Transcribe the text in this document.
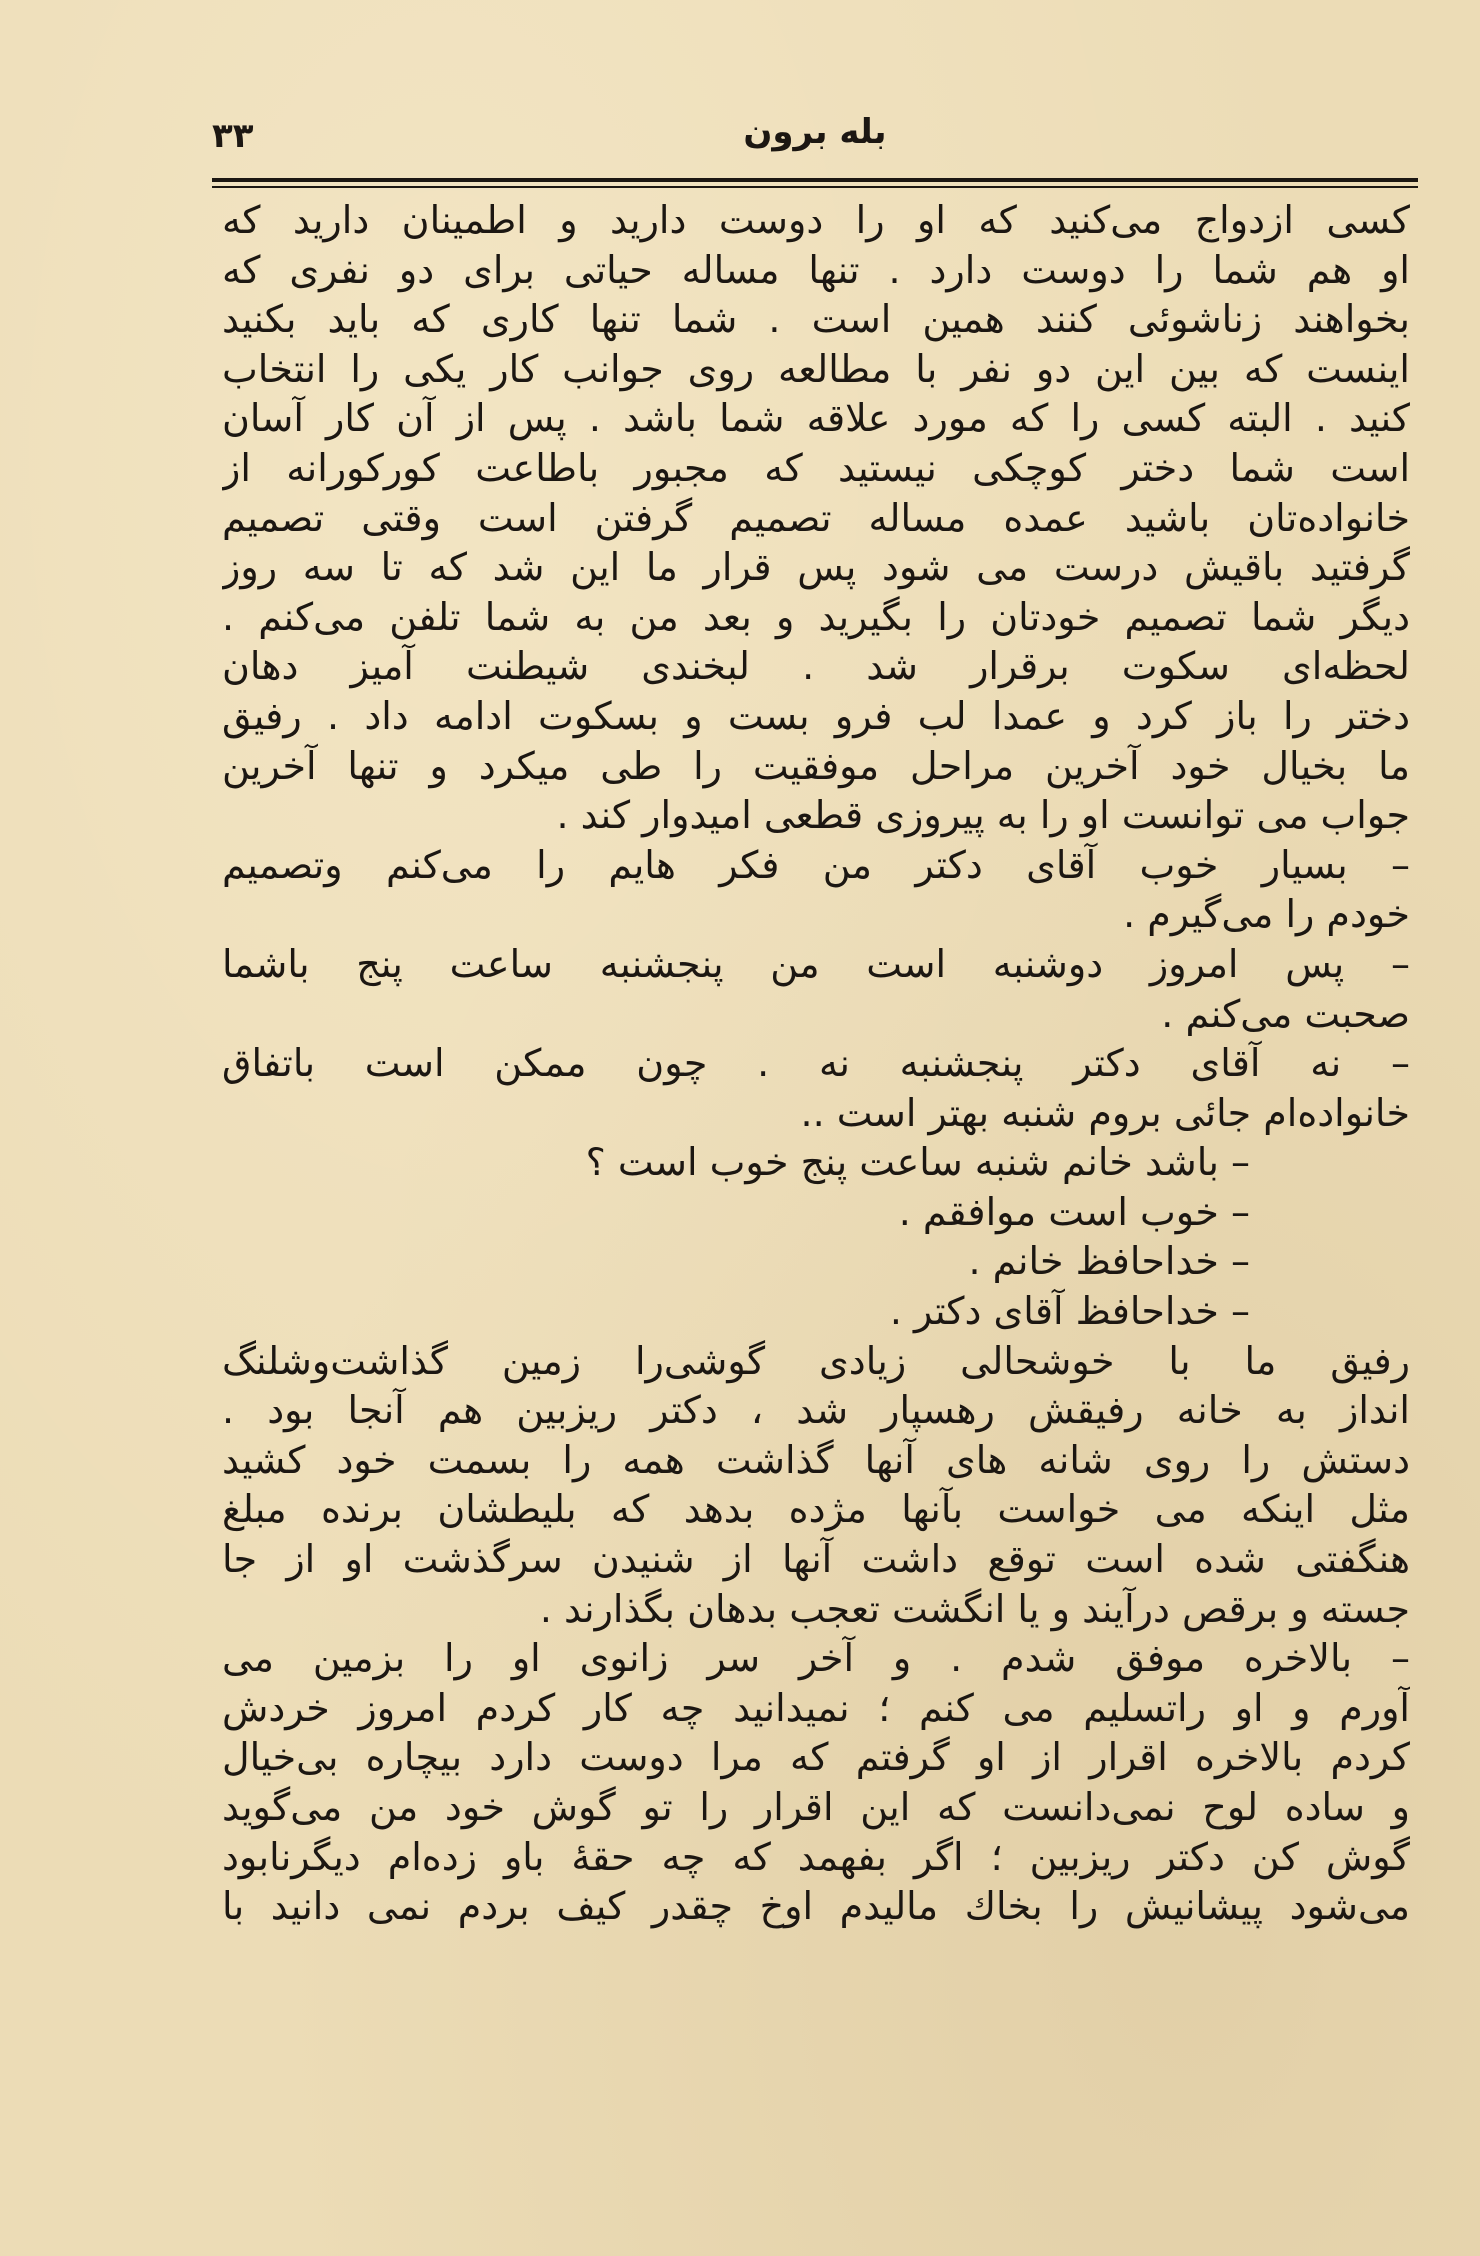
۳۳	بله برون
کسی ازدواج می‌کنید که او را دوست دارید و اطمینان دارید که
او هم شما را دوست دارد . تنها مساله حیاتی برای دو نفری که
بخواهند زناشوئی کنند همین است . شما تنها کاری که باید بکنید
اینست که بین این دو نفر با مطالعه روی جوانب کار یکی را انتخاب
کنید . البته کسی را که مورد علاقه شما باشد . پس از آن کار آسان
است شما دختر کوچکی نیستید که مجبور باطاعت کورکورانه از
خانواده‌تان باشید عمده مساله تصمیم گرفتن است وقتی تصمیم
گرفتید باقیش درست می شود پس قرار ما این شد که تا سه روز
دیگر شما تصمیم خودتان را بگیرید و بعد من به شما تلفن می‌کنم .
لحظه‌ای سکوت برقرار شد . لبخندی شیطنت آمیز دهان
دختر را باز کرد و عمدا لب فرو بست و بسکوت ادامه داد . رفیق
ما بخیال خود آخرین مراحل موفقیت را طی میکرد و تنها آخرین
جواب می توانست او را به پیروزی قطعی امیدوار کند .
– بسیار خوب آقای دکتر من فکر هایم را می‌کنم وتصمیم
خودم را می‌گیرم .
– پس امروز دوشنبه است من پنجشنبه ساعت پنج باشما
صحبت می‌کنم .
– نه آقای دکتر پنجشنبه نه . چون ممکن است باتفاق
خانواده‌ام جائی بروم شنبه بهتر است ..
– باشد خانم شنبه ساعت پنج خوب است ؟
– خوب است موافقم .
– خداحافظ خانم .
– خداحافظ آقای دکتر .
رفیق ما با خوشحالی زیادی گوشی‌را زمین گذاشت‌وشلنگ
انداز به خانه رفیقش رهسپار شد ، دکتر ریزبین هم آنجا بود .
دستش را روی شانه های آنها گذاشت همه را بسمت خود کشید
مثل اینکه می خواست بآنها مژده بدهد که بلیطشان برنده مبلغ
هنگفتی شده است توقع داشت آنها از شنیدن سرگذشت او از جا
جسته و برقص درآیند و یا انگشت تعجب بدهان بگذارند .
– بالاخره موفق شدم . و آخر سر زانوی او را بزمین می
آورم و او راتسلیم می کنم ؛ نمیدانید چه کار کردم امروز خردش
کردم بالاخره اقرار از او گرفتم که مرا دوست دارد بیچاره بی‌خیال
و ساده لوح نمی‌دانست که این اقرار را تو گوش خود من می‌گوید
گوش کن دکتر ریزبین ؛ اگر بفهمد که چه حقهٔ باو زده‌ام دیگرنابود
می‌شود پیشانیش را بخاك مالیدم اوخ چقدر کیف بردم نمی دانید با
